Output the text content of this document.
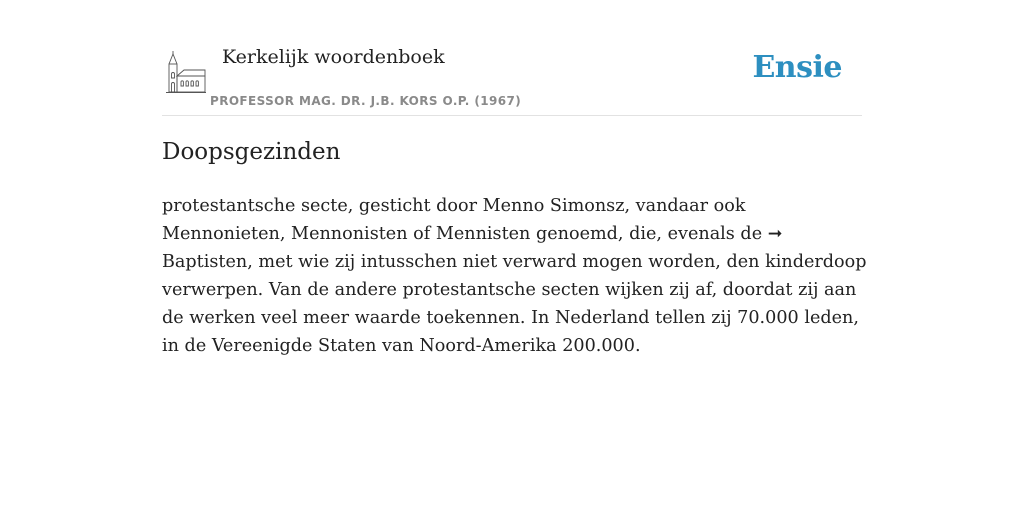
Kerkelijk woordenboek
PROFESSOR MAG. DR. J.B. KORS O.P. (1967)
Ensie
Doopsgezinden

protestantsche secte, gesticht door Menno Simonsz, vandaar ook Mennonieten, Mennonisten of Mennisten genoemd, die, evenals de ➞ Baptisten, met wie zij intusschen niet verward mogen worden, den kinderdoop verwerpen. Van de andere protestantsche secten wijken zij af, doordat zij aan de werken veel meer waarde toekennen. In Nederland tellen zij 70.000 leden, in de Vereenigde Staten van Noord-Amerika 200.000.
